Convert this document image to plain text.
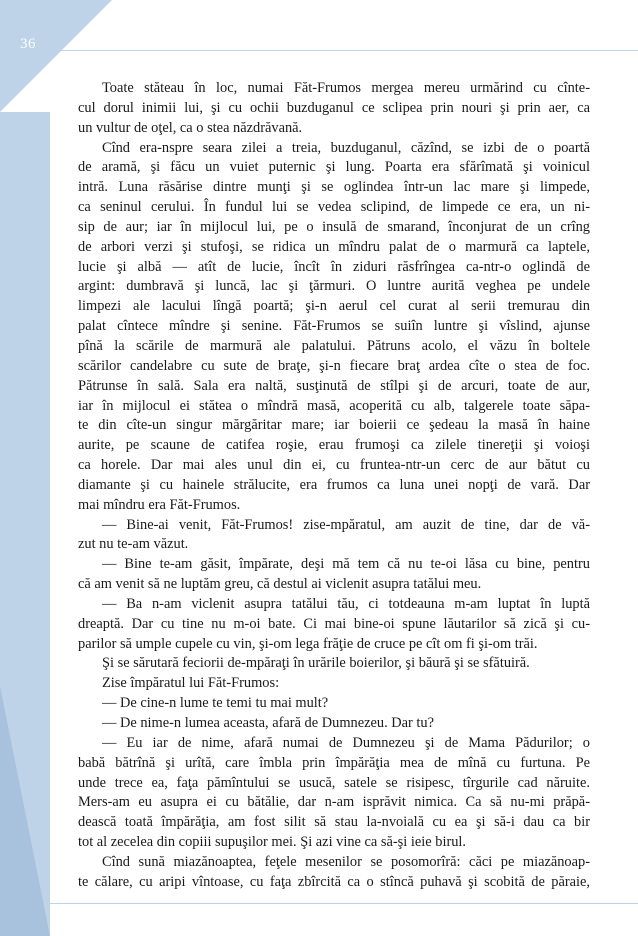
36
Toate stăteau în loc, numai Făt-Frumos mergea mereu urmărind cu cînte-
cul dorul inimii lui, şi cu ochii buzduganul ce sclipea prin nouri şi prin aer, ca
un vultur de oţel, ca o stea năzdrăvană.
Cînd era-nspre seara zilei a treia, buzduganul, căzînd, se izbi de o poartă
de aramă, şi făcu un vuiet puternic şi lung. Poarta era sfărîmată şi voinicul
intră. Luna răsărise dintre munţi şi se oglindea într-un lac mare şi limpede,
ca seninul cerului. În fundul lui se vedea sclipind, de limpede ce era, un ni-
sip de aur; iar în mijlocul lui, pe o insulă de smarand, înconjurat de un crîng
de arbori verzi şi stufoşi, se ridica un mîndru palat de o marmură ca laptele,
lucie şi albă — atît de lucie, încît în ziduri răsfrîngea ca-ntr-o oglindă de
argint: dumbravă şi luncă, lac şi ţărmuri. O luntre aurită veghea pe undele
limpezi ale lacului lîngă poartă; şi-n aerul cel curat al serii tremurau din
palat cîntece mîndre şi senine. Făt-Frumos se suiîn luntre şi vîslind, ajunse
pînă la scările de marmură ale palatului. Pătruns acolo, el văzu în boltele
scărilor candelabre cu sute de braţe, şi-n fiecare braţ ardea cîte o stea de foc.
Pătrunse în sală. Sala era naltă, susţinută de stîlpi şi de arcuri, toate de aur,
iar în mijlocul ei stătea o mîndră masă, acoperită cu alb, talgerele toate săpa-
te din cîte-un singur mărgăritar mare; iar boierii ce şedeau la masă în haine
aurite, pe scaune de catifea roşie, erau frumoşi ca zilele tinereţii şi voioşi
ca horele. Dar mai ales unul din ei, cu fruntea-ntr-un cerc de aur bătut cu
diamante şi cu hainele strălucite, era frumos ca luna unei nopţi de vară. Dar
mai mîndru era Făt-Frumos.
— Bine-ai venit, Făt-Frumos! zise-mpăratul, am auzit de tine, dar de vă-
zut nu te-am văzut.
— Bine te-am găsit, împărate, deşi mă tem că nu te-oi lăsa cu bine, pentru
că am venit să ne luptăm greu, că destul ai viclenit asupra tatălui meu.
— Ba n-am viclenit asupra tatălui tău, ci totdeauna m-am luptat în luptă
dreaptă. Dar cu tine nu m-oi bate. Ci mai bine-oi spune lăutarilor să zică şi cu-
parilor să umple cupele cu vin, şi-om lega frăţie de cruce pe cît om fi şi-om trăi.
Şi se sărutară feciorii de-mpăraţi în urările boierilor, şi băură şi se sfătuiră.
Zise împăratul lui Făt-Frumos:
— De cine-n lume te temi tu mai mult?
— De nime-n lumea aceasta, afară de Dumnezeu. Dar tu?
— Eu iar de nime, afară numai de Dumnezeu şi de Mama Pădurilor; o
babă bătrînă şi urîtă, care îmbla prin împărăţia mea de mînă cu furtuna. Pe
unde trece ea, faţa pămîntului se usucă, satele se risipesc, tîrgurile cad năruite.
Mers-am eu asupra ei cu bătălie, dar n-am isprăvit nimica. Ca să nu-mi prăpă-
dească toată împărăţia, am fost silit să stau la-nvoială cu ea şi să-i dau ca bir
tot al zecelea din copiii supuşilor mei. Şi azi vine ca să-şi ieie birul.
Cînd sună miazănoaptea, feţele mesenilor se posomorîră: căci pe miazănoap-
te călare, cu aripi vîntoase, cu faţa zbîrcită ca o stîncă puhavă şi scobită de păraie,
